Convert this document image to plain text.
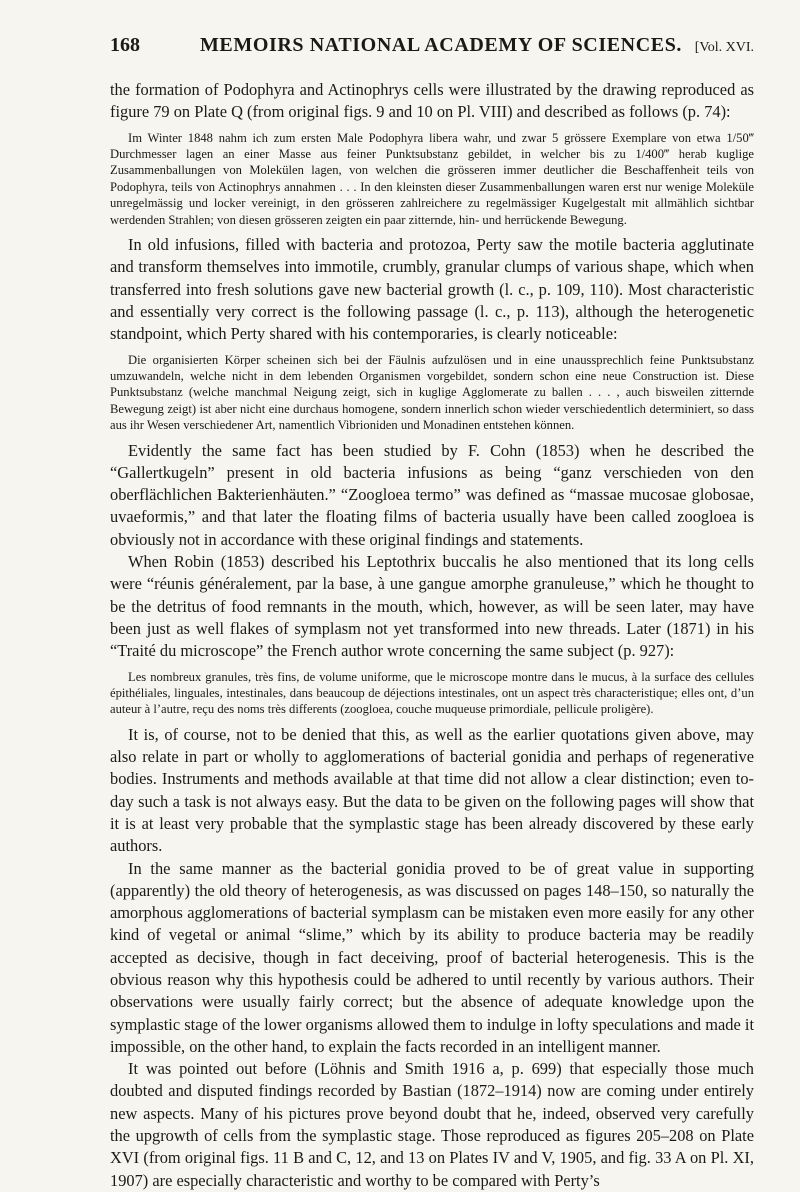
168	MEMOIRS NATIONAL ACADEMY OF SCIENCES. [Vol. XVI.

the formation of Podophyra and Actinophrys cells were illustrated by the drawing reproduced as figure 79 on Plate Q (from original figs. 9 and 10 on Pl. VIII) and described as follows (p. 74):

Im Winter 1848 nahm ich zum ersten Male Podophyra libera wahr, und zwar 5 grössere Exemplare von etwa 1/50‴ Durchmesser lagen an einer Masse aus feiner Punktsubstanz gebildet, in welcher bis zu 1/400‴ herab kuglige Zusammenballungen von Molekülen lagen, von welchen die grösseren immer deutlicher die Beschaffenheit teils von Podophyra, teils von Actinophrys annahmen . . . In den kleinsten dieser Zusammenballungen waren erst nur wenige Moleküle unregelmässig und locker vereinigt, in den grösseren zahlreichere zu regelmässiger Kugelgestalt mit allmählich sichtbar werdenden Strahlen; von diesen grösseren zeigten ein paar zitternde, hin- und herrückende Bewegung.

In old infusions, filled with bacteria and protozoa, Perty saw the motile bacteria agglutinate and transform themselves into immotile, crumbly, granular clumps of various shape, which when transferred into fresh solutions gave new bacterial growth (l. c., p. 109, 110). Most characteristic and essentially very correct is the following passage (l. c., p. 113), although the heterogenetic standpoint, which Perty shared with his contemporaries, is clearly noticeable:

Die organisierten Körper scheinen sich bei der Fäulnis aufzulösen und in eine unaussprechlich feine Punktsubstanz umzuwandeln, welche nicht in dem lebenden Organismen vorgebildet, sondern schon eine neue Construction ist. Diese Punktsubstanz (welche manchmal Neigung zeigt, sich in kuglige Agglomerate zu ballen . . . , auch bisweilen zitternde Bewegung zeigt) ist aber nicht eine durchaus homogene, sondern innerlich schon wieder verschiedentlich determiniert, so dass aus ihr Wesen verschiedener Art, namentlich Vibrioniden und Monadinen entstehen können.

Evidently the same fact has been studied by F. Cohn (1853) when he described the “Gallertkugeln” present in old bacteria infusions as being “ganz verschieden von den oberflächlichen Bakterienhäuten.” “Zoogloea termo” was defined as “massae mucosae globosae, uvaeformis,” and that later the floating films of bacteria usually have been called zoogloea is obviously not in accordance with these original findings and statements.

When Robin (1853) described his Leptothrix buccalis he also mentioned that its long cells were “réunis généralement, par la base, à une gangue amorphe granuleuse,” which he thought to be the detritus of food remnants in the mouth, which, however, as will be seen later, may have been just as well flakes of symplasm not yet transformed into new threads. Later (1871) in his “Traité du microscope” the French author wrote concerning the same subject (p. 927):

Les nombreux granules, très fins, de volume uniforme, que le microscope montre dans le mucus, à la surface des cellules épithéliales, linguales, intestinales, dans beaucoup de déjections intestinales, ont un aspect très characteristique; elles ont, d’un auteur à l’autre, reçu des noms très differents (zoogloea, couche muqueuse primordiale, pellicule proligère).

It is, of course, not to be denied that this, as well as the earlier quotations given above, may also relate in part or wholly to agglomerations of bacterial gonidia and perhaps of regenerative bodies. Instruments and methods available at that time did not allow a clear distinction; even to-day such a task is not always easy. But the data to be given on the following pages will show that it is at least very probable that the symplastic stage has been already discovered by these early authors.

In the same manner as the bacterial gonidia proved to be of great value in supporting (apparently) the old theory of heterogenesis, as was discussed on pages 148–150, so naturally the amorphous agglomerations of bacterial symplasm can be mistaken even more easily for any other kind of vegetal or animal “slime,” which by its ability to produce bacteria may be readily accepted as decisive, though in fact deceiving, proof of bacterial heterogenesis. This is the obvious reason why this hypothesis could be adhered to until recently by various authors. Their observations were usually fairly correct; but the absence of adequate knowledge upon the symplastic stage of the lower organisms allowed them to indulge in lofty speculations and made it impossible, on the other hand, to explain the facts recorded in an intelligent manner.

It was pointed out before (Löhnis and Smith 1916 a, p. 699) that especially those much doubted and disputed findings recorded by Bastian (1872–1914) now are coming under entirely new aspects. Many of his pictures prove beyond doubt that he, indeed, observed very carefully the upgrowth of cells from the symplastic stage. Those reproduced as figures 205–208 on Plate XVI (from original figs. 11 B and C, 12, and 13 on Plates IV and V, 1905, and fig. 33 A on Pl. XI, 1907) are especially characteristic and worthy to be compared with Perty’s
